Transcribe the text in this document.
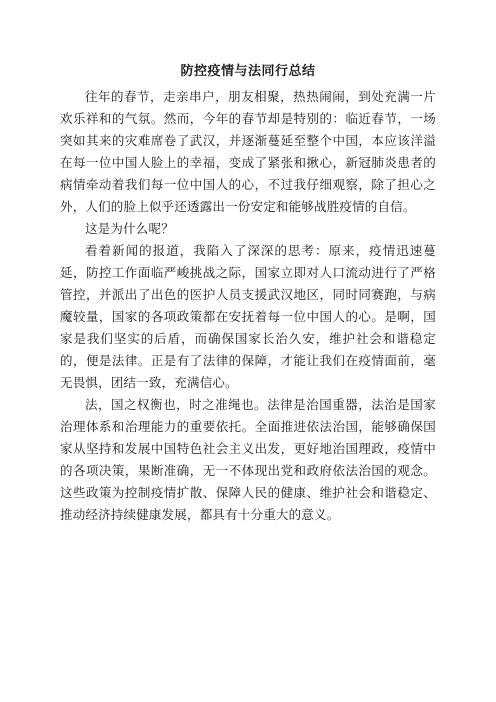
防控疫情与法同行总结

往年的春节，走亲串户，朋友相聚，热热闹闹，到处充满一片欢乐祥和的气氛。然而，今年的春节却是特别的：临近春节，一场突如其来的灾难席卷了武汉，并逐渐蔓延至整个中国，本应该洋溢在每一位中国人脸上的幸福，变成了紧张和揪心，新冠肺炎患者的病情牵动着我们每一位中国人的心，不过我仔细观察，除了担心之外，人们的脸上似乎还透露出一份安定和能够战胜疫情的自信。

这是为什么呢？

看着新闻的报道，我陷入了深深的思考：原来，疫情迅速蔓延，防控工作面临严峻挑战之际，国家立即对人口流动进行了严格管控，并派出了出色的医护人员支援武汉地区，同时同赛跑，与病魔较量，国家的各项政策都在安抚着每一位中国人的心。是啊，国家是我们坚实的后盾，而确保国家长治久安，维护社会和谐稳定的，便是法律。正是有了法律的保障，才能让我们在疫情面前，毫无畏惧，团结一致，充满信心。

法，国之权衡也，时之准绳也。法律是治国重器，法治是国家治理体系和治理能力的重要依托。全面推进依法治国，能够确保国家从坚持和发展中国特色社会主义出发，更好地治国理政，疫情中的各项决策，果断准确，无一不体现出党和政府依法治国的观念。这些政策为控制疫情扩散、保障人民的健康、维护社会和谐稳定、推动经济持续健康发展，都具有十分重大的意义。
